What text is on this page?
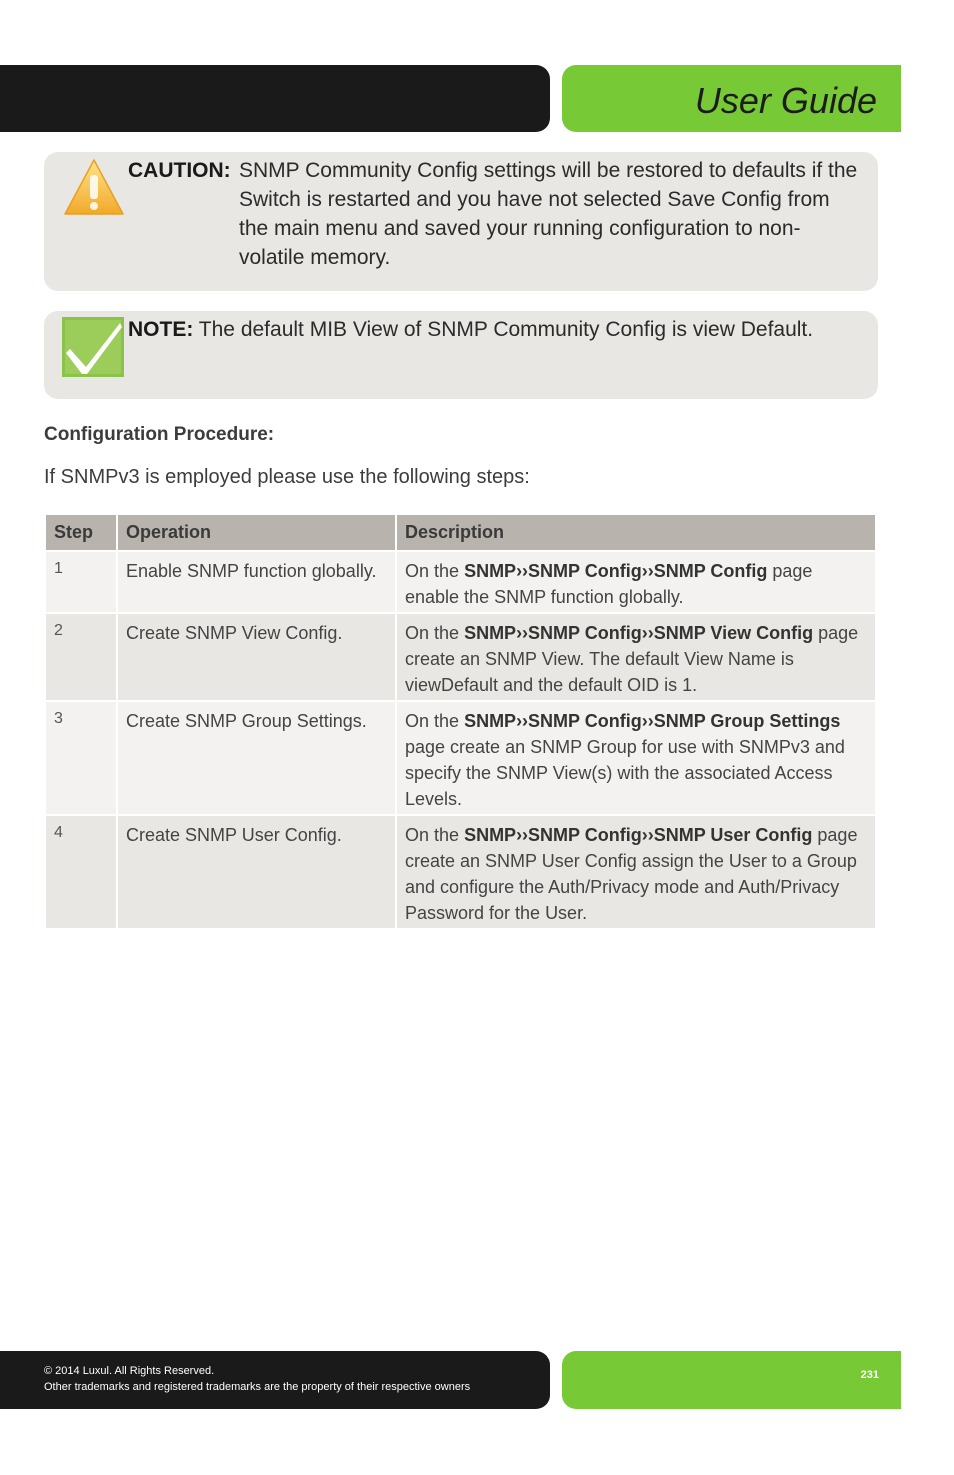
User Guide
CAUTION: SNMP Community Config settings will be restored to defaults if the Switch is restarted and you have not selected Save Config from the main menu and saved your running configuration to non-volatile memory.
NOTE: The default MIB View of SNMP Community Config is view Default.
Configuration Procedure:
If SNMPv3 is employed please use the following steps:
Step	Operation	Description
1	Enable SNMP function globally.	On the SNMP››SNMP Config››SNMP Config page enable the SNMP function globally.
2	Create SNMP View Config.	On the SNMP››SNMP Config››SNMP View Config page create an SNMP View. The default View Name is viewDefault and the default OID is 1.
3	Create SNMP Group Settings.	On the SNMP››SNMP Config››SNMP Group Settings page create an SNMP Group for use with SNMPv3 and specify the SNMP View(s) with the associated Access Levels.
4	Create SNMP User Config.	On the SNMP››SNMP Config››SNMP User Config page create an SNMP User Config assign the User to a Group and configure the Auth/Privacy mode and Auth/Privacy Password for the User.
© 2014 Luxul. All Rights Reserved.
Other trademarks and registered trademarks are the property of their respective owners
231
